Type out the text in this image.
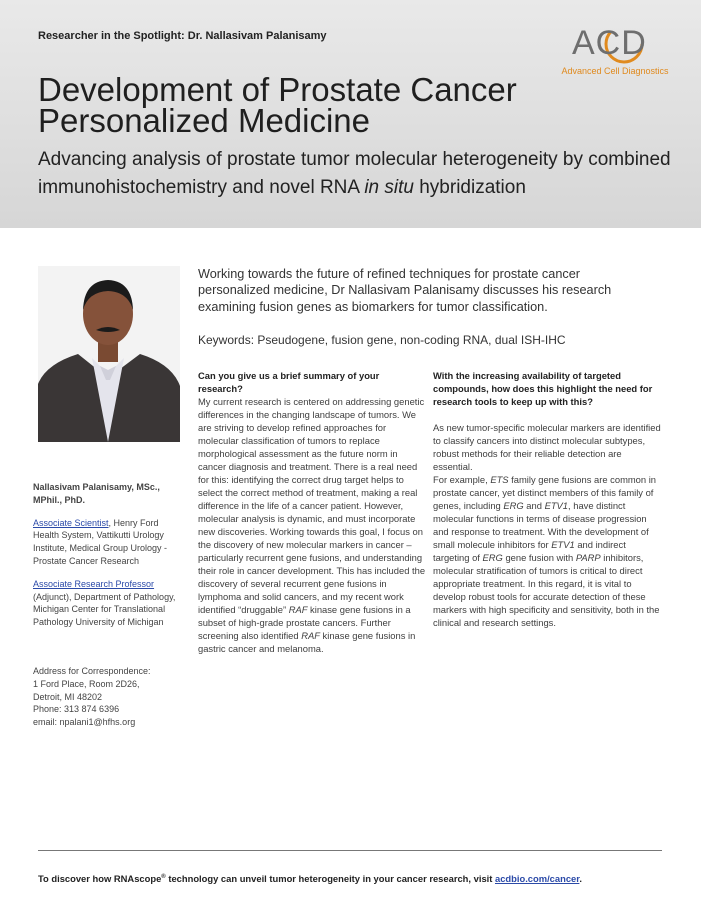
Researcher in the Spotlight: Dr. Nallasivam Palanisamy	ACD
Advanced Cell Diagnostics
Development of Prostate Cancer
Personalized Medicine

Advancing analysis of prostate tumor molecular heterogeneity by combined immunohistochemistry and novel RNA in situ hybridization

Nallasivam Palanisamy, MSc., MPhil., PhD.
Associate Scientist, Henry Ford Health System, Vattikutti Urology Institute, Medical Group Urology - Prostate Cancer Research
Associate Research Professor (Adjunct), Department of Pathology, Michigan Center for Translational Pathology University of Michigan
Address for Correspondence:
1 Ford Place, Room 2D26,
Detroit, MI 48202
Phone: 313 874 6396
email: npalani1@hfhs.org
Working towards the future of refined techniques for prostate cancer personalized medicine, Dr Nallasivam Palanisamy discusses his research examining fusion genes as biomarkers for tumor classification.
Keywords: Pseudogene, fusion gene, non-coding RNA, dual ISH-IHC

Can you give us a brief summary of your research?

My current research is centered on addressing genetic differences in the changing landscape of tumors. We are striving to develop refined approaches for molecular classification of tumors to replace morphological assessment as the future norm in cancer diagnosis and treatment. There is a real need for this: identifying the correct drug target helps to select the correct method of treatment, making a real difference in the life of a cancer patient. However, molecular analysis is dynamic, and must incorporate new discoveries. Working towards this goal, I focus on the discovery of new molecular markers in cancer – particularly recurrent gene fusions, and understanding their role in cancer development. This has included the discovery of several recurrent gene fusions in lymphoma and solid cancers, and my recent work identified “druggable” RAF kinase gene fusions in a subset of high-grade prostate cancers. Further screening also identified RAF kinase gene fusions in gastric cancer and melanoma.

With the increasing availability of targeted compounds, how does this highlight the need for research tools to keep up with this?

As new tumor-specific molecular markers are identified to classify cancers into distinct molecular subtypes, robust methods for their reliable detection are essential.

For example, ETS family gene fusions are common in prostate cancer, yet distinct members of this family of genes, including ERG and ETV1, have distinct molecular functions in terms of disease progression and response to treatment. With the development of small molecule inhibitors for ETV1 and indirect targeting of ERG gene fusion with PARP inhibitors, molecular stratification of tumors is critical to direct appropriate treatment. In this regard, it is vital to develop robust tools for accurate detection of these markers with high specificity and sensitivity, both in the clinical and research settings.

To discover how RNAscope® technology can unveil tumor heterogeneity in your cancer research, visit acdbio.com/cancer.
